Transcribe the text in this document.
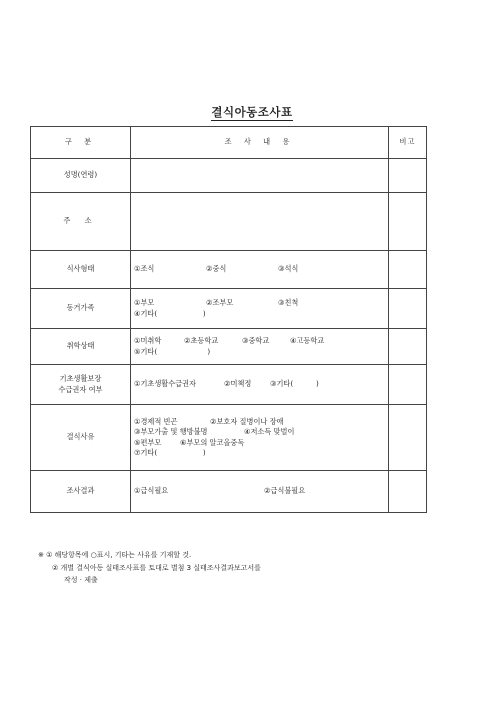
결식아동조사표
구 분	조 사 내 용	비고
성명(연령)		
주 소		
식사형태	①조식 ②중식 ③석식	

동거가족	①부모 ②조부모 ③친척
④기타(                    )	

취학상태	①미취학 ②초등학교 ③중학교 ④고등학교
⑤기타(                      )	

기초생활보장
수급권자 여부	①기초생활수급권자 ②미책정 ③기타(          )	

결식사유	①경제적 빈곤 ②보호자 질병이나 장애
③부모가출 및 행방불명 ④저소득 맞벌이
⑤편부모 ⑥부모의 알코올중독
⑦기타(                    )	

조사결과	①급식필요 ②급식불필요	

※ ① 해당항목에 ○표시, 기타는 사유를 기재할 것.
② 개별 결식아동 실태조사표를 토대로 별첨 3 실태조사결과보고서를
작성 · 제출
